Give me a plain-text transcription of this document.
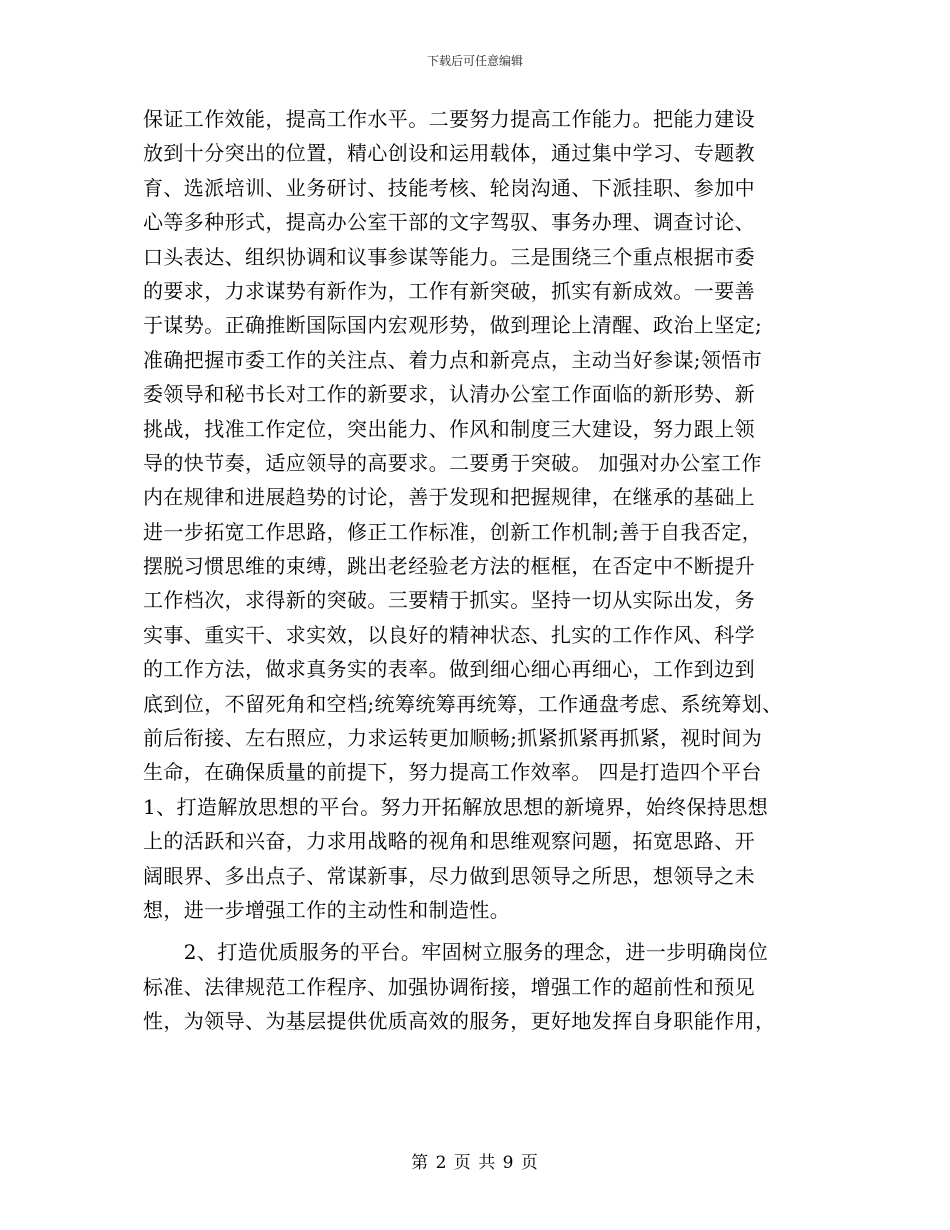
下载后可任意编辑
保证工作效能，提高工作水平。二要努力提高工作能力。把能力建设
放到十分突出的位置，精心创设和运用载体，通过集中学习、专题教
育、选派培训、业务研讨、技能考核、轮岗沟通、下派挂职、参加中
心等多种形式，提高办公室干部的文字驾驭、事务办理、调查讨论、
口头表达、组织协调和议事参谋等能力。三是围绕三个重点根据市委
的要求，力求谋势有新作为，工作有新突破，抓实有新成效。一要善
于谋势。正确推断国际国内宏观形势，做到理论上清醒、政治上坚定;
准确把握市委工作的关注点、着力点和新亮点，主动当好参谋;领悟市
委领导和秘书长对工作的新要求，认清办公室工作面临的新形势、新
挑战，找准工作定位，突出能力、作风和制度三大建设，努力跟上领
导的快节奏，适应领导的高要求。二要勇于突破。 加强对办公室工作
内在规律和进展趋势的讨论，善于发现和把握规律，在继承的基础上
进一步拓宽工作思路，修正工作标准，创新工作机制;善于自我否定，
摆脱习惯思维的束缚，跳出老经验老方法的框框，在否定中不断提升
工作档次，求得新的突破。三要精于抓实。坚持一切从实际出发，务
实事、重实干、求实效，以良好的精神状态、扎实的工作作风、科学
的工作方法，做求真务实的表率。做到细心细心再细心，工作到边到
底到位，不留死角和空档;统筹统筹再统筹，工作通盘考虑、系统筹划、
前后衔接、左右照应，力求运转更加顺畅;抓紧抓紧再抓紧，视时间为
生命，在确保质量的前提下，努力提高工作效率。 四是打造四个平台
1、打造解放思想的平台。努力开拓解放思想的新境界，始终保持思想
上的活跃和兴奋，力求用战略的视角和思维观察问题，拓宽思路、开
阔眼界、多出点子、常谋新事，尽力做到思领导之所思，想领导之未
想，进一步增强工作的主动性和制造性。
　　2、打造优质服务的平台。牢固树立服务的理念，进一步明确岗位
标准、法律规范工作程序、加强协调衔接，增强工作的超前性和预见
性，为领导、为基层提供优质高效的服务，更好地发挥自身职能作用，
第 2 页 共 9 页
